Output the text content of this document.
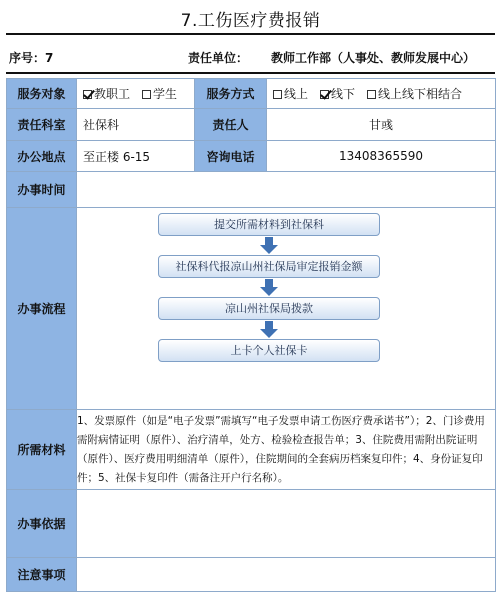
7.工伤医疗费报销
序号：7	责任单位： 教师工作部（人事处、教师发展中心）
服务对象	教职工 学生	服务方式	线上 线下 线上线下相结合
责任科室	社保科	责任人	甘彧
办公地点	至正楼 6-15	咨询电话	13408365590
办事时间			
办事流程	提交所需材料到社保科
社保科代报凉山州社保局审定报销金额
凉山州社保局拨款
上卡个人社保卡		

所需材料	1、发票原件（如是“电子发票”需填写“电子发票申请工伤医疗费承诺书”）；2、门诊费用需附病情证明（原件）、治疗清单，处方、检验检查报告单；3、住院费用需附出院证明（原件）、医疗费用明细清单（原件），住院期间的全套病历档案复印件；4、身份证复印件；5、社保卡复印件（需备注开户行名称）。		
办事依据			
注意事项			
